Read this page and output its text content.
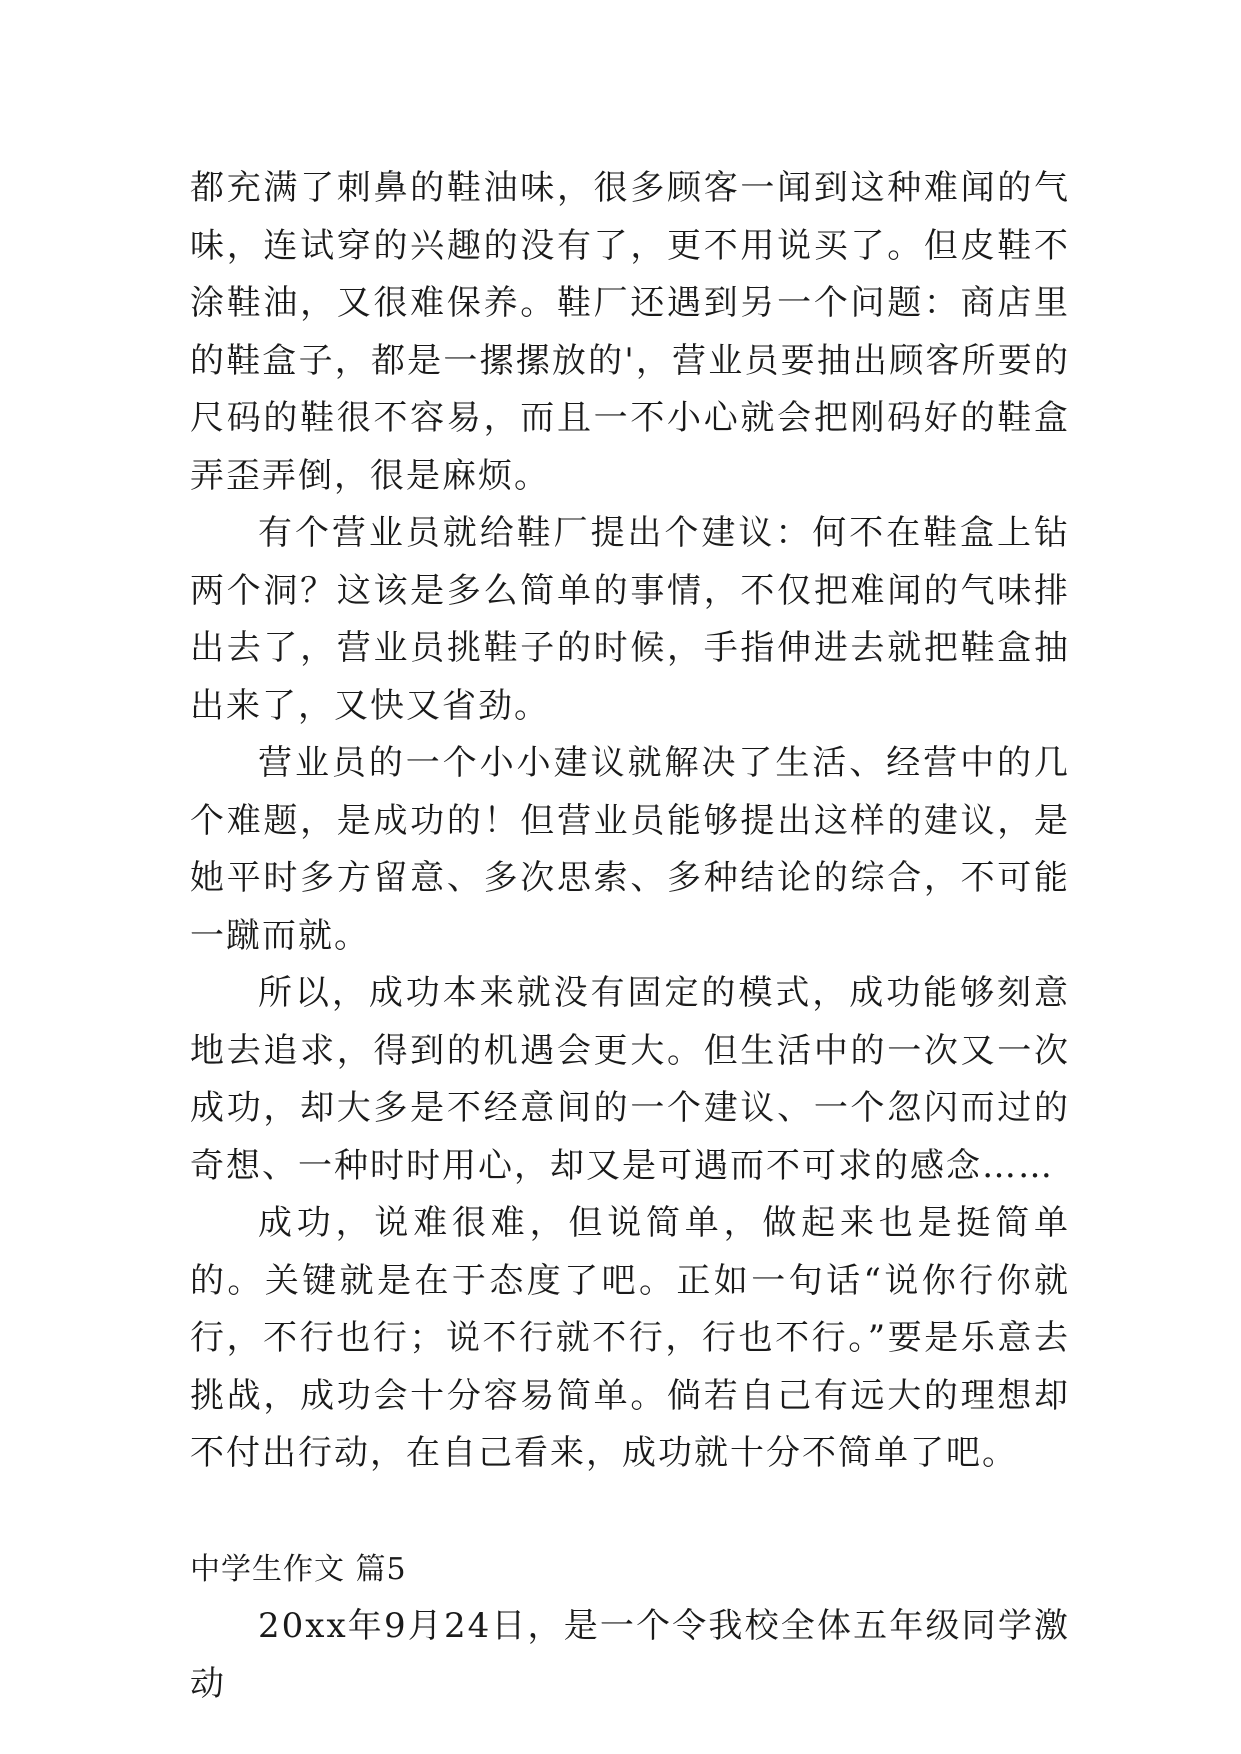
都充满了刺鼻的鞋油味，很多顾客一闻到这种难闻的气味，连试穿的兴趣的没有了，更不用说买了。但皮鞋不涂鞋油，又很难保养。鞋厂还遇到另一个问题：商店里的鞋盒子，都是一摞摞放的'，营业员要抽出顾客所要的尺码的鞋很不容易，而且一不小心就会把刚码好的鞋盒弄歪弄倒，很是麻烦。

有个营业员就给鞋厂提出个建议：何不在鞋盒上钻两个洞？这该是多么简单的事情，不仅把难闻的气味排出去了，营业员挑鞋子的时候，手指伸进去就把鞋盒抽出来了，又快又省劲。

营业员的一个小小建议就解决了生活、经营中的几个难题，是成功的！但营业员能够提出这样的建议，是她平时多方留意、多次思索、多种结论的综合，不可能一蹴而就。

所以，成功本来就没有固定的模式，成功能够刻意地去追求，得到的机遇会更大。但生活中的一次又一次成功，却大多是不经意间的一个建议、一个忽闪而过的奇想、一种时时用心，却又是可遇而不可求的感念……

成功，说难很难，但说简单，做起来也是挺简单的。关键就是在于态度了吧。正如一句话“说你行你就行，不行也行；说不行就不行，行也不行。”要是乐意去挑战，成功会十分容易简单。倘若自己有远大的理想却不付出行动，在自己看来，成功就十分不简单了吧。

中学生作文 篇5

20xx年9月24日，是一个令我校全体五年级同学激动
